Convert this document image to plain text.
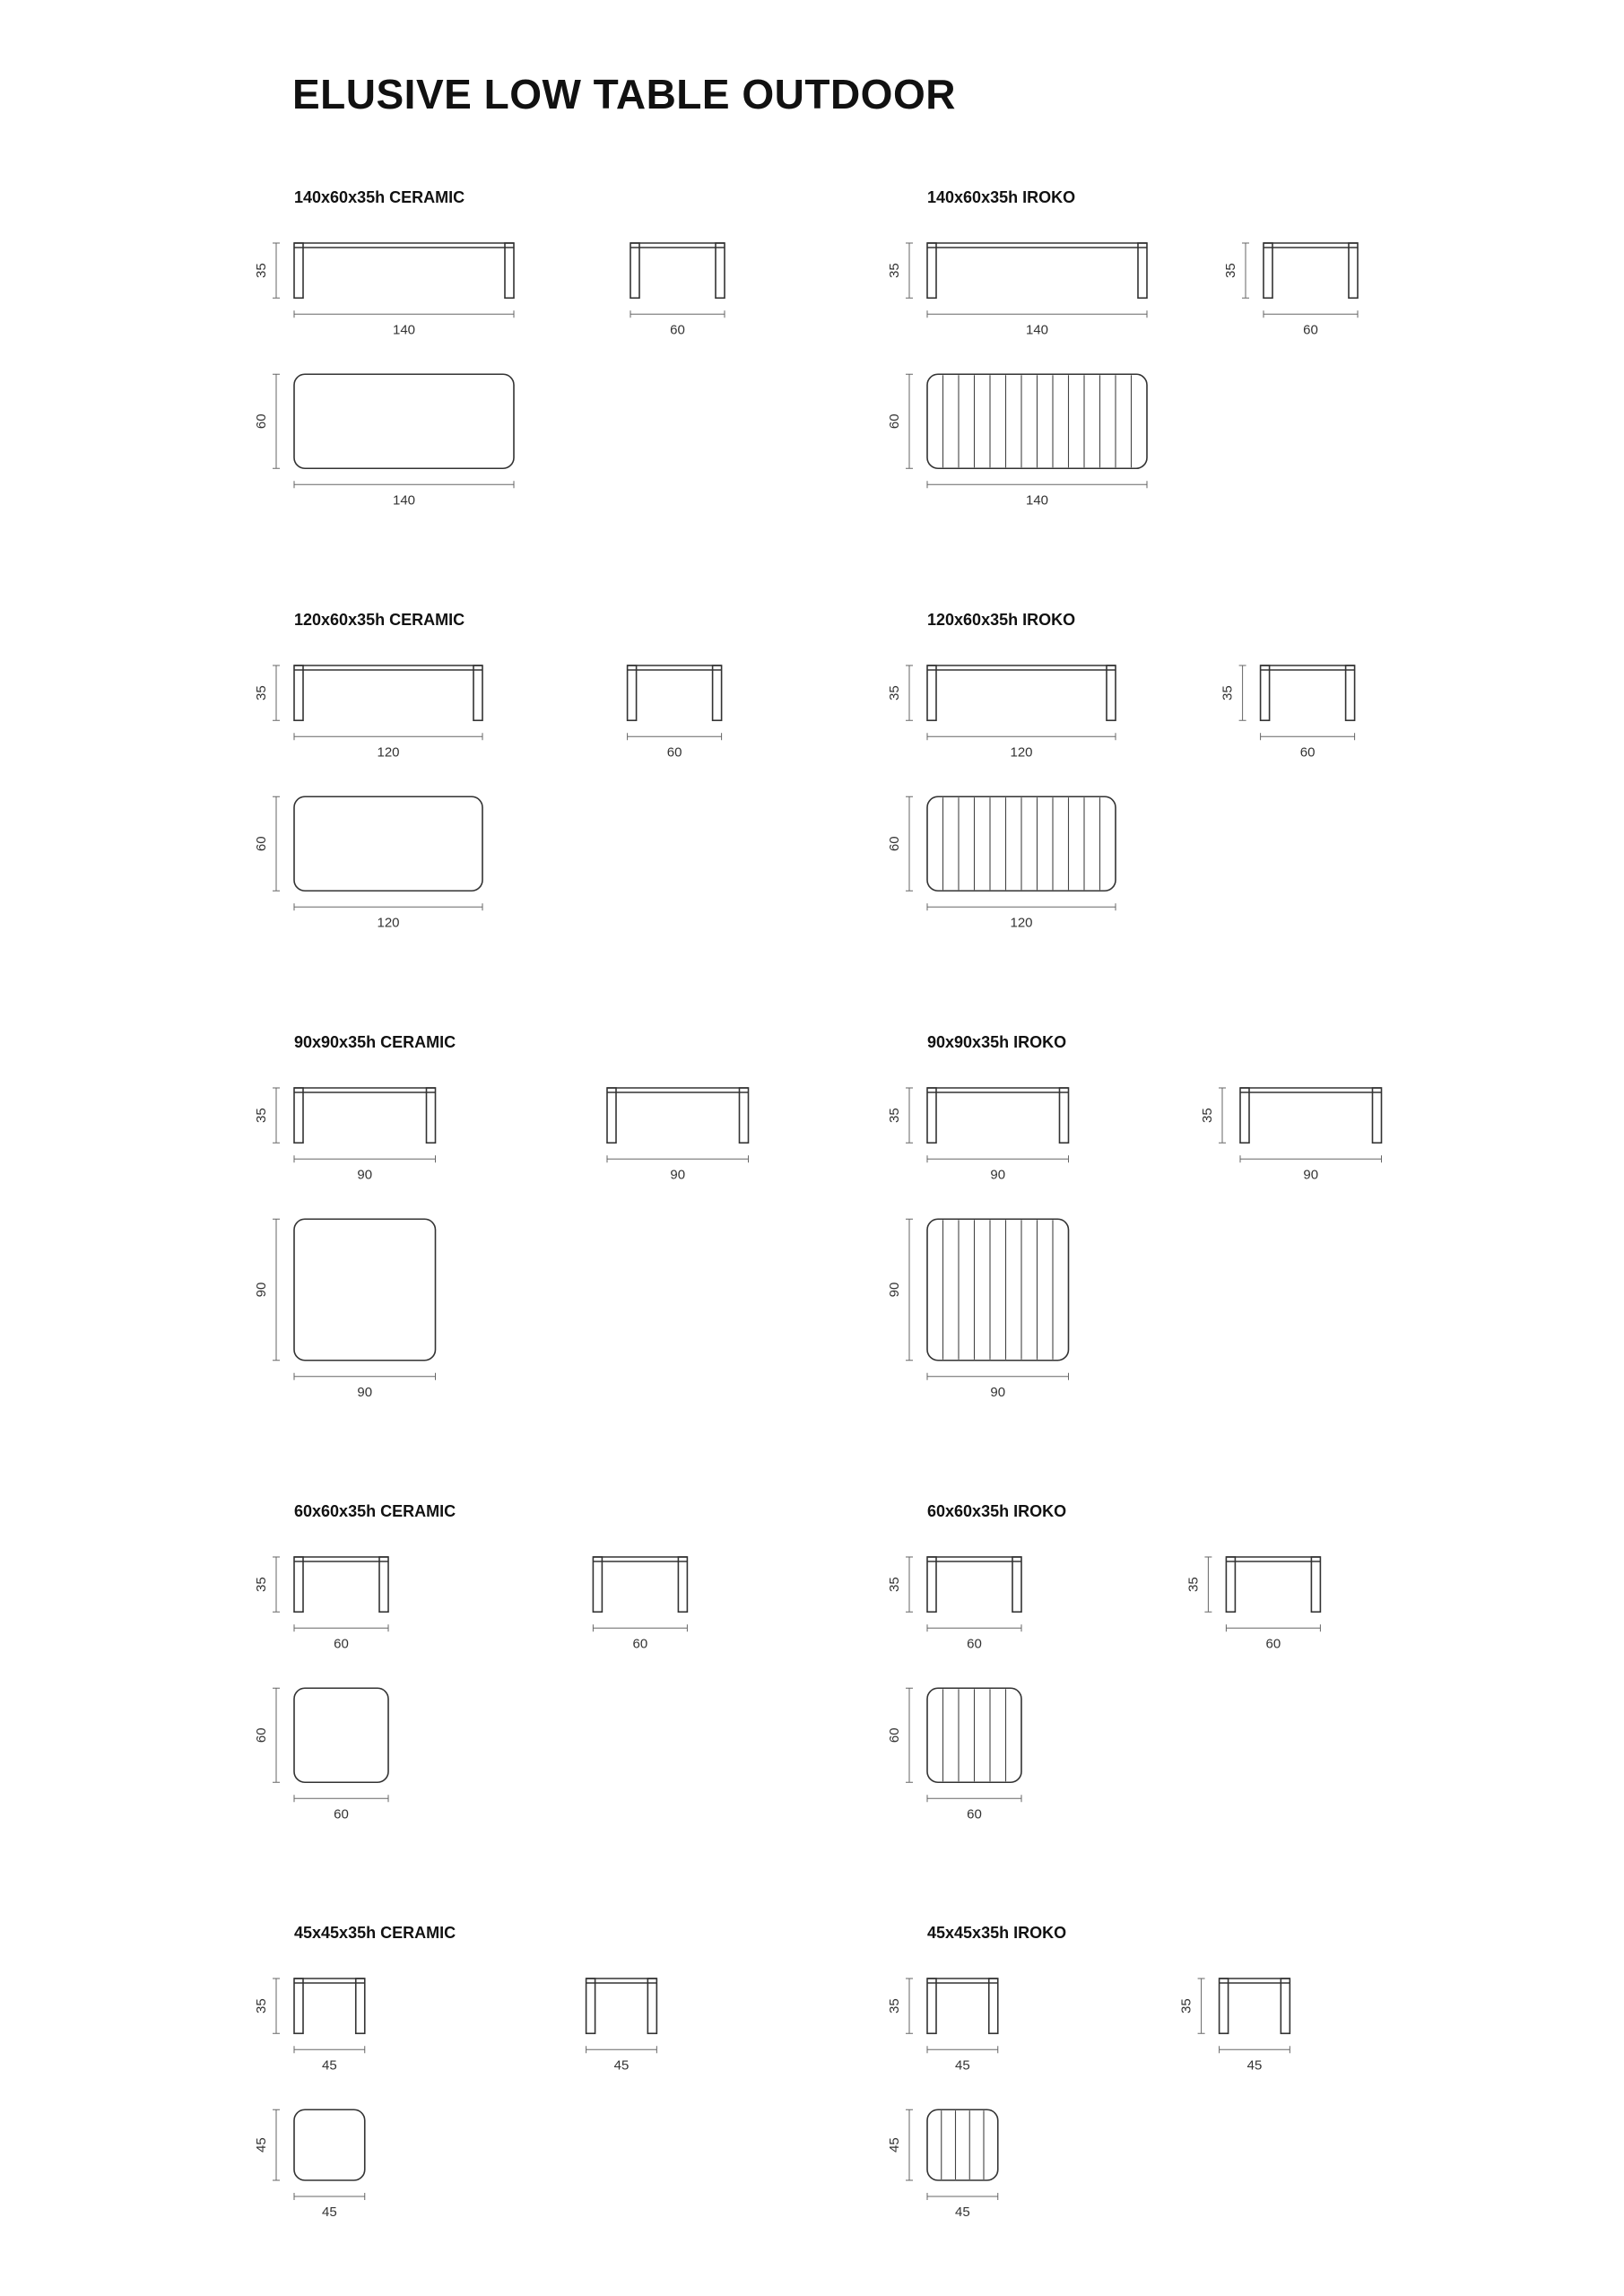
ELUSIVE LOW TABLE OUTDOOR
140x60x35h CERAMIC
35
140	60
60
140
140x60x35h IROKO
35
140
35
60
60
140
120x60x35h CERAMIC
35
120	60
60
120
120x60x35h IROKO
35
120
35
60
60
120
90x90x35h CERAMIC
35
90	90
90
90
90x90x35h IROKO
35
90
35
90
90
90
60x60x35h CERAMIC
35
60	60
60
60
60x60x35h IROKO
35
60
35
60
60
60
45x45x35h CERAMIC
35
45	45
45
45
45x45x35h IROKO
35
45
35
45
45
45
